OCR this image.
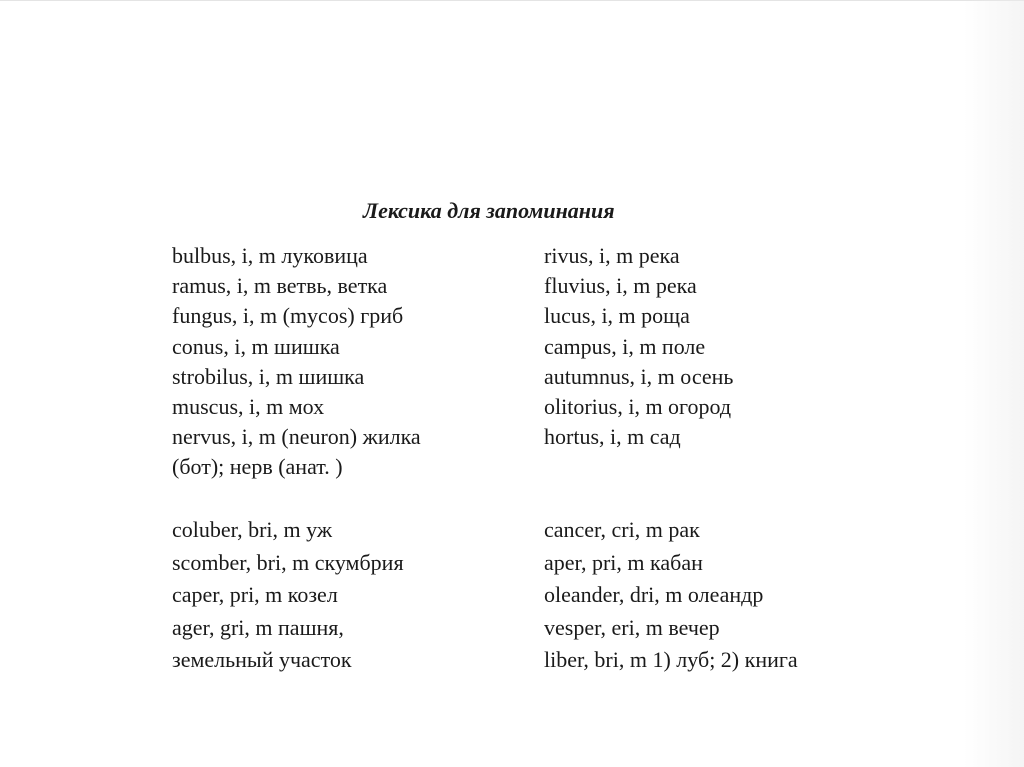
Лексика для запоминания
bulbus, i, m луковица
ramus, i, m ветвь, ветка
fungus, i, m (mycos) гриб
conus, i, m шишка
strobilus, i, m шишка
muscus, i, m мох
nervus, i, m (neuron) жилка
(бот); нерв (анат. )
rivus, i, m река
fluvius, i, m река
lucus, i, m роща
campus, i, m поле
autumnus, i, m осень
olitorius, i, m огород
hortus, i, m сад
coluber, bri, m уж
scomber, bri, m скумбрия
caper, pri, m козел
ager, gri, m пашня,
земельный участок
cancer, cri, m рак
aper, pri, m кабан
oleander, dri, m олеандр
vesper, eri, m вечер
liber, bri, m 1) луб; 2) книга
